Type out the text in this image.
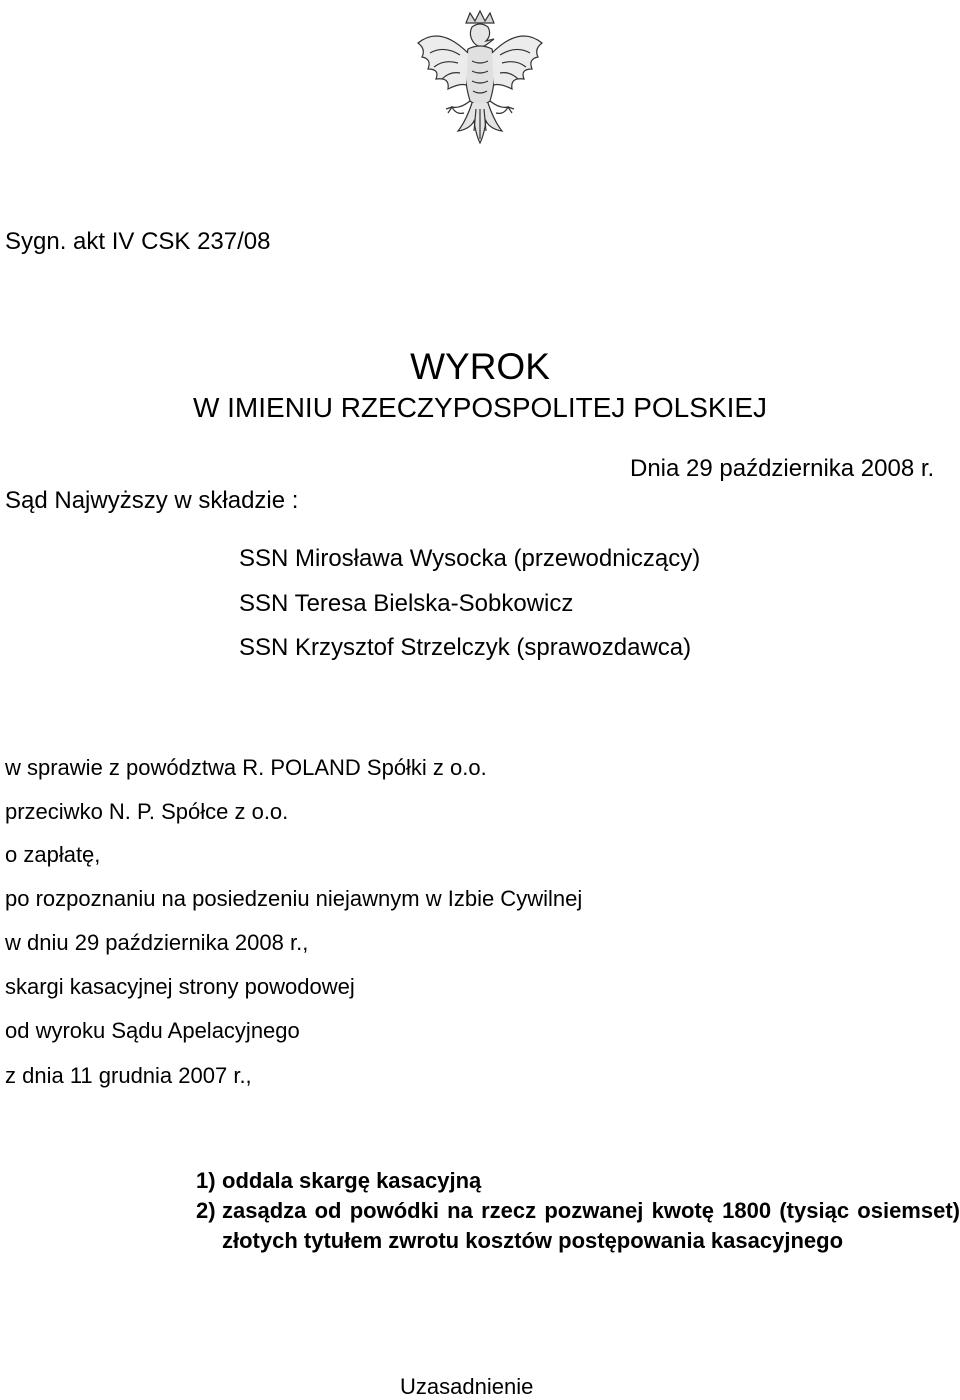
Sygn. akt IV CSK 237/08
WYROK
W IMIENIU RZECZYPOSPOLITEJ POLSKIEJ
Dnia 29 października 2008 r.
Sąd Najwyższy w składzie :
SSN Mirosława Wysocka (przewodniczący)
SSN Teresa Bielska-Sobkowicz
SSN Krzysztof Strzelczyk (sprawozdawca)
w sprawie z powództwa R. POLAND Spółki z o.o.
przeciwko N. P. Spółce z o.o.
o zapłatę,
po rozpoznaniu na posiedzeniu niejawnym w Izbie Cywilnej
w dniu 29 października 2008 r.,
skargi kasacyjnej strony powodowej
od wyroku Sądu Apelacyjnego
z dnia 11 grudnia 2007 r.,
1) oddala skargę kasacyjną
2) zasądza od powódki na rzecz pozwanej kwotę 1800 (tysiąc osiemset) złotych tytułem zwrotu kosztów postępowania kasacyjnego
Uzasadnienie
